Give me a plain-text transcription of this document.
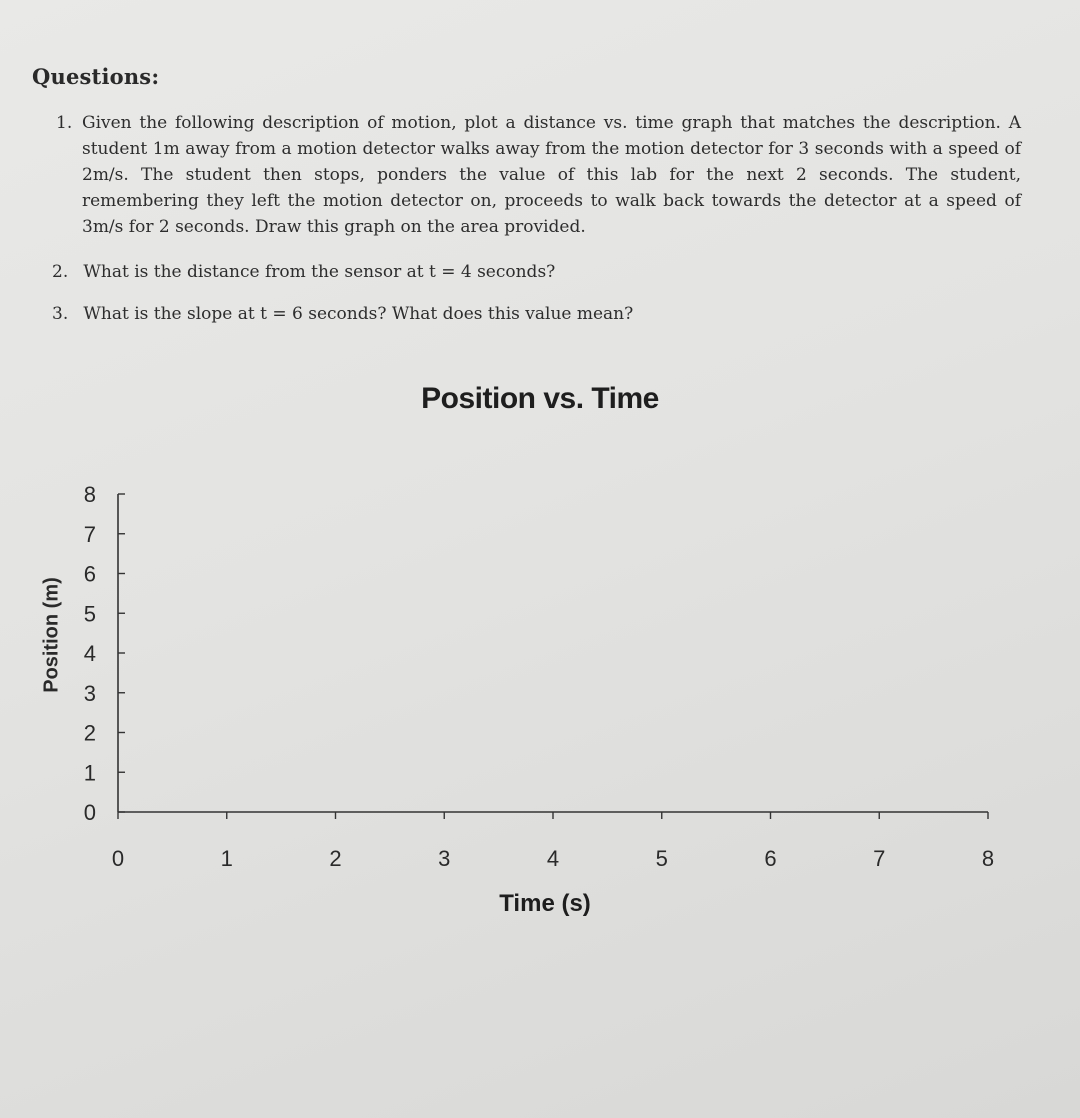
Questions:
1. Given the following description of motion, plot a distance vs. time graph that matches the description. A student 1m away from a motion detector walks away from the motion detector for 3 seconds with a speed of 2m/s. The student then stops, ponders the value of this lab for the next 2 seconds. The student, remembering they left the motion detector on, proceeds to walk back towards the detector at a speed of 3m/s for 2 seconds. Draw this graph on the area provided.
2. What is the distance from the sensor at t = 4 seconds?
3. What is the slope at t = 6 seconds? What does this value mean?
Position vs. Time
Position (m)
Time (s)
0
1
2
3
4
5
6
7
8
0	1	2	3	4	5	6	7	8
